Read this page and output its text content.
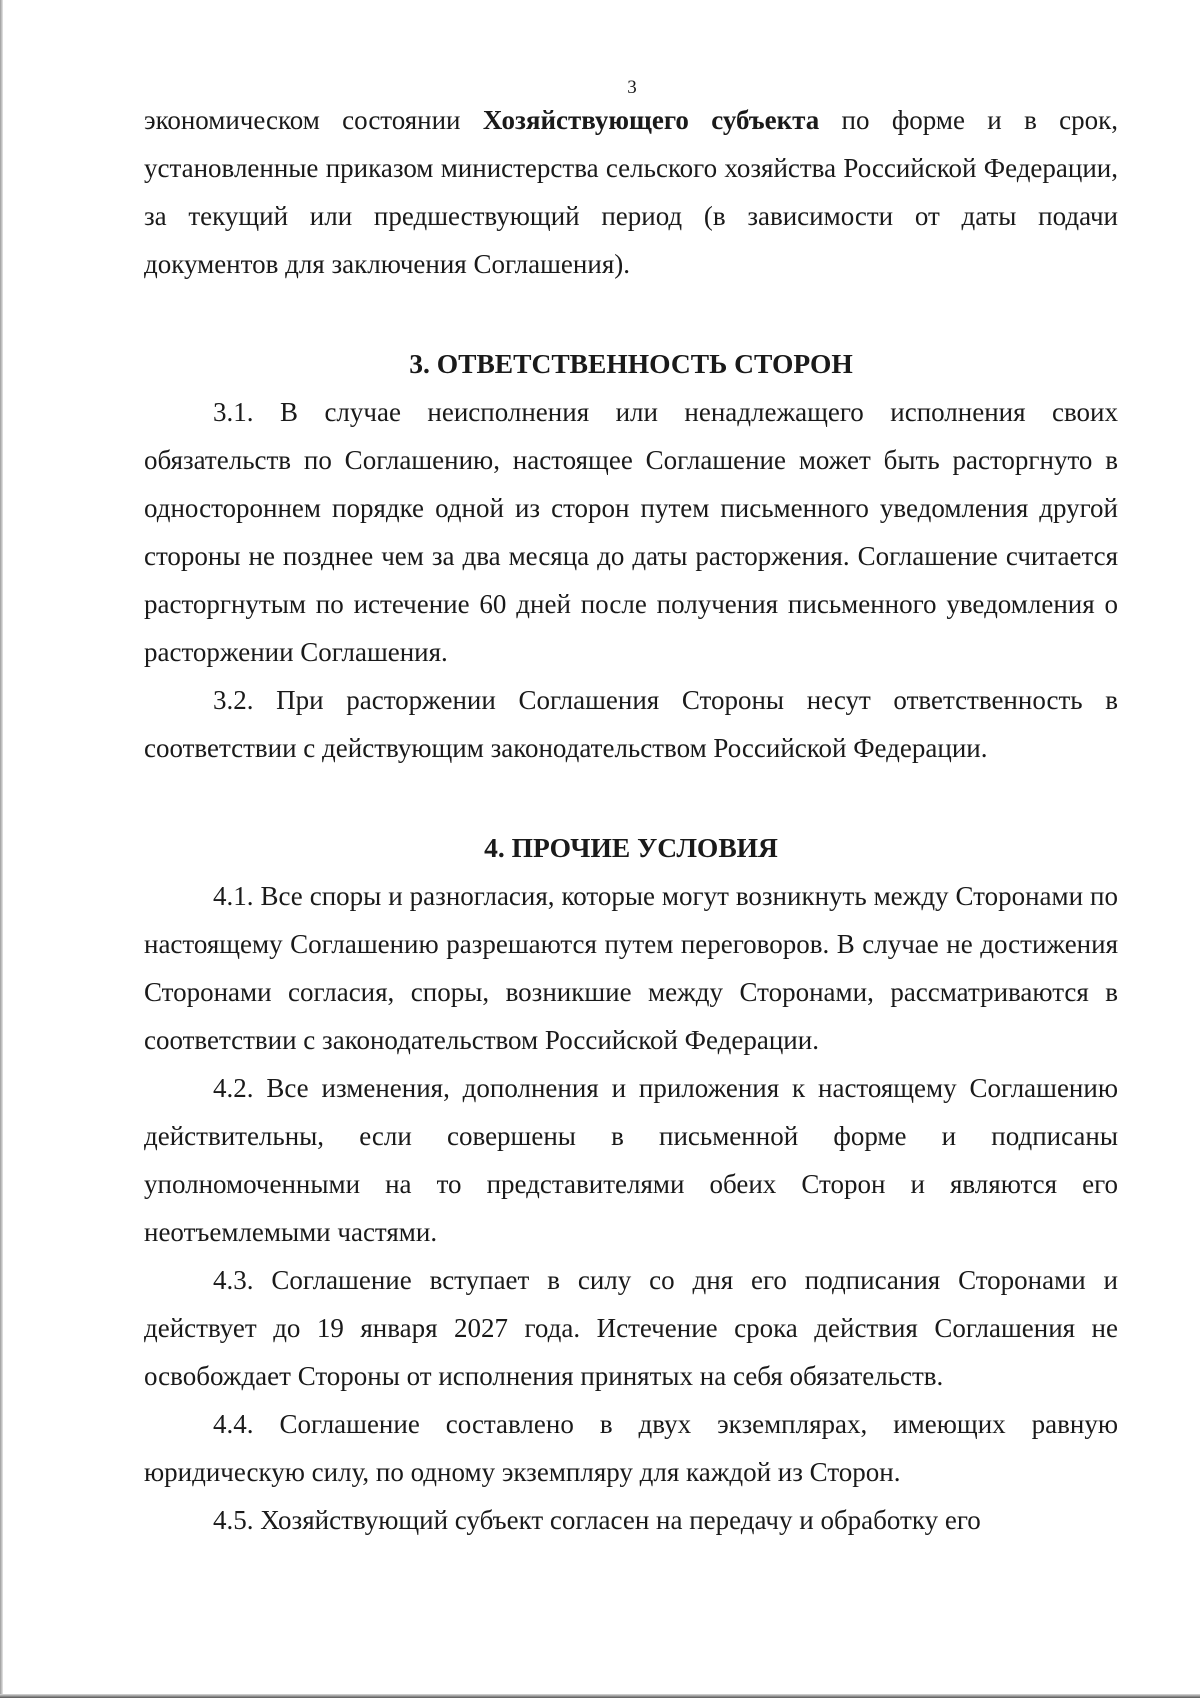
3

экономическом состоянии Хозяйствующего субъекта по форме и в срок, установленные приказом министерства сельского хозяйства Российской Федерации, за текущий или предшествующий период (в зависимости от даты подачи документов для заключения Соглашения).

3. ОТВЕТСТВЕННОСТЬ СТОРОН

3.1. В случае неисполнения или ненадлежащего исполнения своих обязательств по Соглашению, настоящее Соглашение может быть расторгнуто в одностороннем порядке одной из сторон путем письменного уведомления другой стороны не позднее чем за два месяца до даты расторжения. Соглашение считается расторгнутым по истечение 60 дней после получения письменного уведомления о расторжении Соглашения.

3.2. При расторжении Соглашения Стороны несут ответственность в соответствии с действующим законодательством Российской Федерации.

4. ПРОЧИЕ УСЛОВИЯ

4.1. Все споры и разногласия, которые могут возникнуть между Сторонами по настоящему Соглашению разрешаются путем переговоров. В случае не достижения Сторонами согласия, споры, возникшие между Сторонами, рассматриваются в соответствии с законодательством Российской Федерации.

4.2. Все изменения, дополнения и приложения к настоящему Соглашению действительны, если совершены в письменной форме и подписаны уполномоченными на то представителями обеих Сторон и являются его неотъемлемыми частями.

4.3. Соглашение вступает в силу со дня его подписания Сторонами и действует до 19 января 2027 года. Истечение срока действия Соглашения не освобождает Стороны от исполнения принятых на себя обязательств.

4.4. Соглашение составлено в двух экземплярах, имеющих равную юридическую силу, по одному экземпляру для каждой из Сторон.

4.5. Хозяйствующий субъект согласен на передачу и обработку его
